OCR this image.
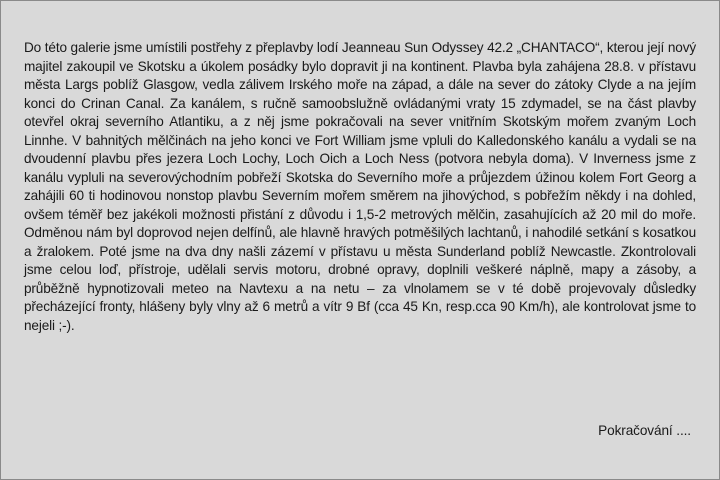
Do této galerie jsme umístili postřehy z přeplavby lodí Jeanneau Sun Odyssey 42.2 „CHANTACO“, kterou její nový majitel zakoupil ve Skotsku a úkolem posádky bylo dopravit ji na kontinent. Plavba byla zahájena 28.8. v přístavu města Largs poblíž Glasgow, vedla zálivem Irského moře na západ, a dále na sever do zátoky Clyde a na jejím konci do Crinan Canal. Za kanálem, s ručně samoobslužně ovládanými vraty 15 zdymadel, se na část plavby otevřel okraj severního Atlantiku, a z něj jsme pokračovali na sever vnitřním Skotským mořem zvaným Loch Linnhe. V bahnitých mělčinách na jeho konci ve Fort William jsme vpluli do Kalledonského kanálu a vydali se na dvoudenní plavbu přes jezera Loch Lochy, Loch Oich a Loch Ness (potvora nebyla doma). V Inverness jsme z kanálu vypluli na severovýchodním pobřeží Skotska do Severního moře a průjezdem úžinou kolem Fort Georg a zahájili 60 ti hodinovou nonstop plavbu Severním mořem směrem na jihovýchod, s pobřežím někdy i na dohled, ovšem téměř bez jakékoli možnosti přistání z důvodu i 1,5-2 metrových mělčin, zasahujících až 20 mil do moře. Odměnou nám byl doprovod nejen delfínů, ale hlavně hravých potměšilých lachtanů, i nahodilé setkání s kosatkou a žralokem. Poté jsme na dva dny našli zázemí v přístavu u města Sunderland poblíž Newcastle. Zkontrolovali jsme celou loď, přístroje, udělali servis motoru, drobné opravy, doplnili veškeré náplně, mapy a zásoby, a průběžně hypnotizovali meteo na Navtexu a na netu – za vlnolamem se v té době projevovaly důsledky přecházející fronty, hlášeny byly vlny až 6 metrů a vítr 9 Bf (cca 45 Kn, resp.cca 90 Km/h), ale kontrolovat jsme to nejeli ;-).
Pokračování ....
